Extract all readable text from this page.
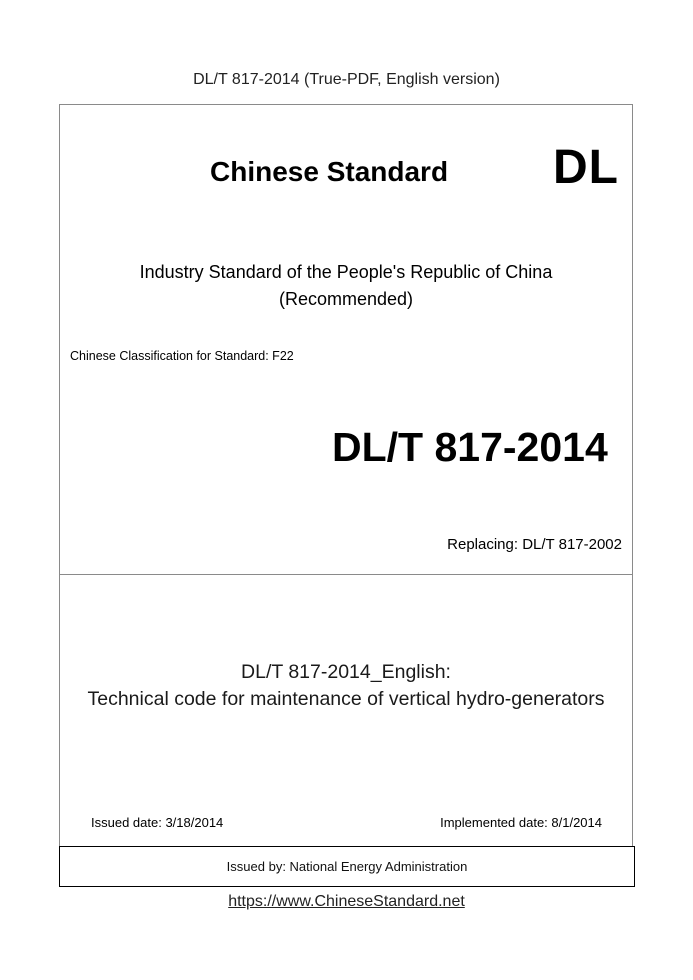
DL/T 817-2014 (True-PDF, English version)
Chinese Standard DL
Industry Standard of the People's Republic of China
(Recommended)
Chinese Classification for Standard: F22
DL/T 817-2014
Replacing: DL/T 817-2002
DL/T 817-2014_English:
Technical code for maintenance of vertical hydro-generators
Issued date: 3/18/2014	Implemented date: 8/1/2014
Issued by: National Energy Administration
https://www.ChineseStandard.net
